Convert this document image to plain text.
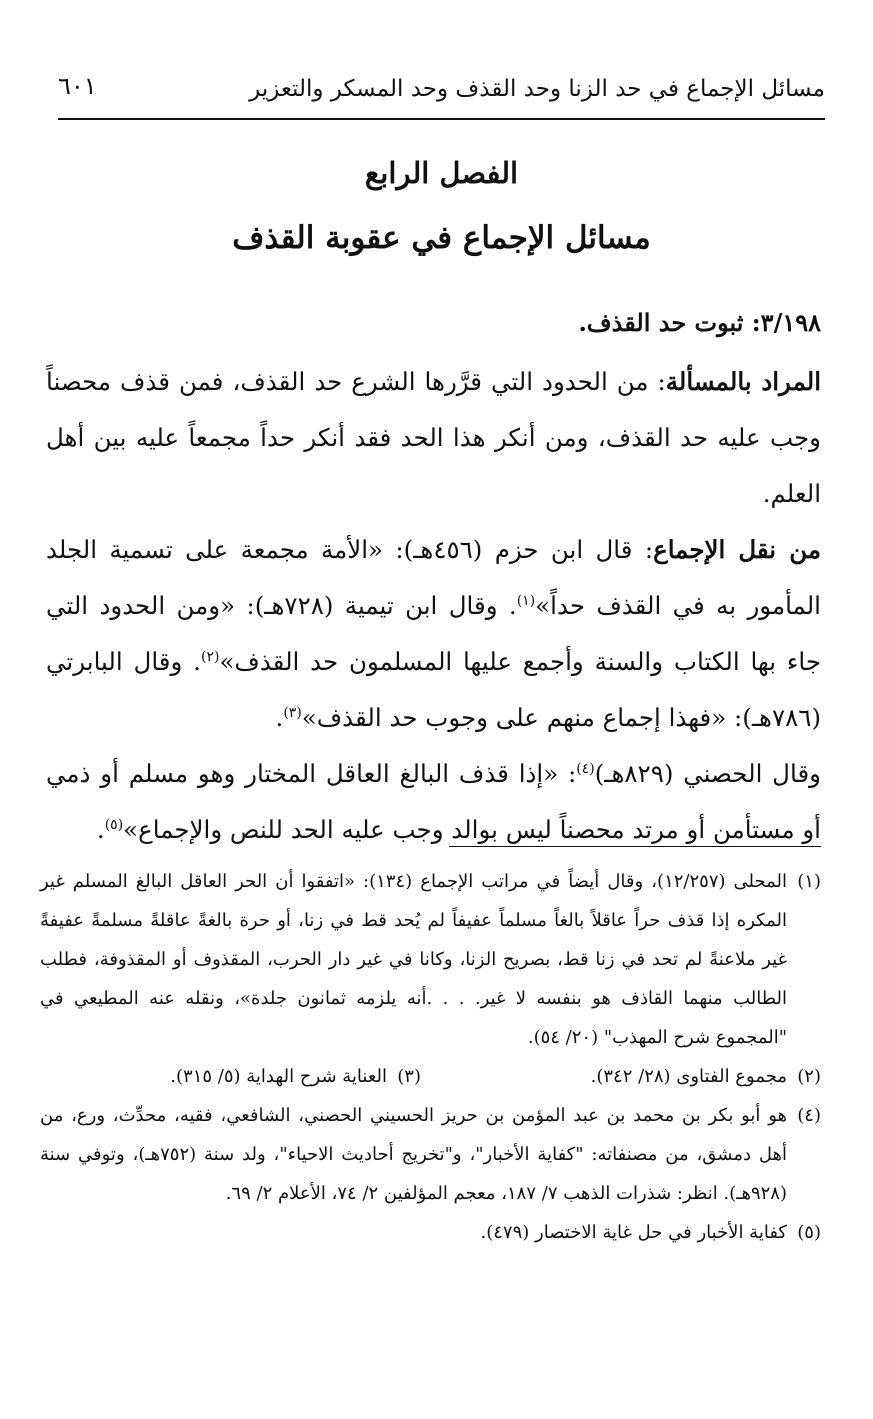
مسائل الإجماع في حد الزنا وحد القذف وحد المسكر والتعزير
٦٠١
الفصل الرابع
مسائل الإجماع في عقوبة القذف

٣/١٩٨: ثبوت حد القذف.

المراد بالمسألة: من الحدود التي قرَّرها الشرع حد القذف، فمن قذف محصناً وجب عليه حد القذف، ومن أنكر هذا الحد فقد أنكر حداً مجمعاً عليه بين أهل العلم.

من نقل الإجماع: قال ابن حزم (٤٥٦هـ): «الأمة مجمعة على تسمية الجلد المأمور به في القذف حداً»$^{(١)}$. وقال ابن تيمية (٧٢٨هـ): «ومن الحدود التي جاء بها الكتاب والسنة وأجمع عليها المسلمون حد القذف»$^{(٢)}$. وقال البابرتي (٧٨٦هـ): «فهذا إجماع منهم على وجوب حد القذف»$^{(٣)}$.

وقال الحصني (٨٢٩هـ)$^{(٤)}$: «إذا قذف البالغ العاقل المختار وهو مسلم أو ذمي أو مستأمن أو مرتد محصناً ليس بوالد وجب عليه الحد للنص والإجماع»$^{(٥)}$.

(١)
المحلى (١٢/٢٥٧)، وقال أيضاً في مراتب الإجماع (١٣٤): «اتفقوا أن الحر العاقل البالغ المسلم غير المكره إذا قذف حراً عاقلاً بالغاً مسلماً عفيفاً لم يُحد قط في زنا، أو حرة بالغةً عاقلةً مسلمةً عفيفةً غير ملاعنةً لم تحد في زنا قط، بصريح الزنا، وكانا في غير دار الحرب، المقذوف أو المقذوفة، فطلب الطالب منهما القاذف هو بنفسه لا غير. . . .أنه يلزمه ثمانون جلدة»، ونقله عنه المطيعي في "المجموع شرح المهذب" (٢٠/ ٥٤).

(٢)
مجموع الفتاوى (٢٨/ ٣٤٢).
(٣)
العناية شرح الهداية (٥/ ٣١٥).

(٤)
هو أبو بكر بن محمد بن عبد المؤمن بن حريز الحسيني الحصني، الشافعي، فقيه، محدِّث، ورع، من أهل دمشق، من مصنفاته: "كفاية الأخبار"، و"تخريج أحاديث الاحياء"، ولد سنة (٧٥٢هـ)، وتوفي سنة (٩٢٨هـ). انظر: شذرات الذهب ٧/ ١٨٧، معجم المؤلفين ٢/ ٧٤، الأعلام ٢/ ٦٩.

(٥)
كفاية الأخبار في حل غاية الاختصار (٤٧٩).
